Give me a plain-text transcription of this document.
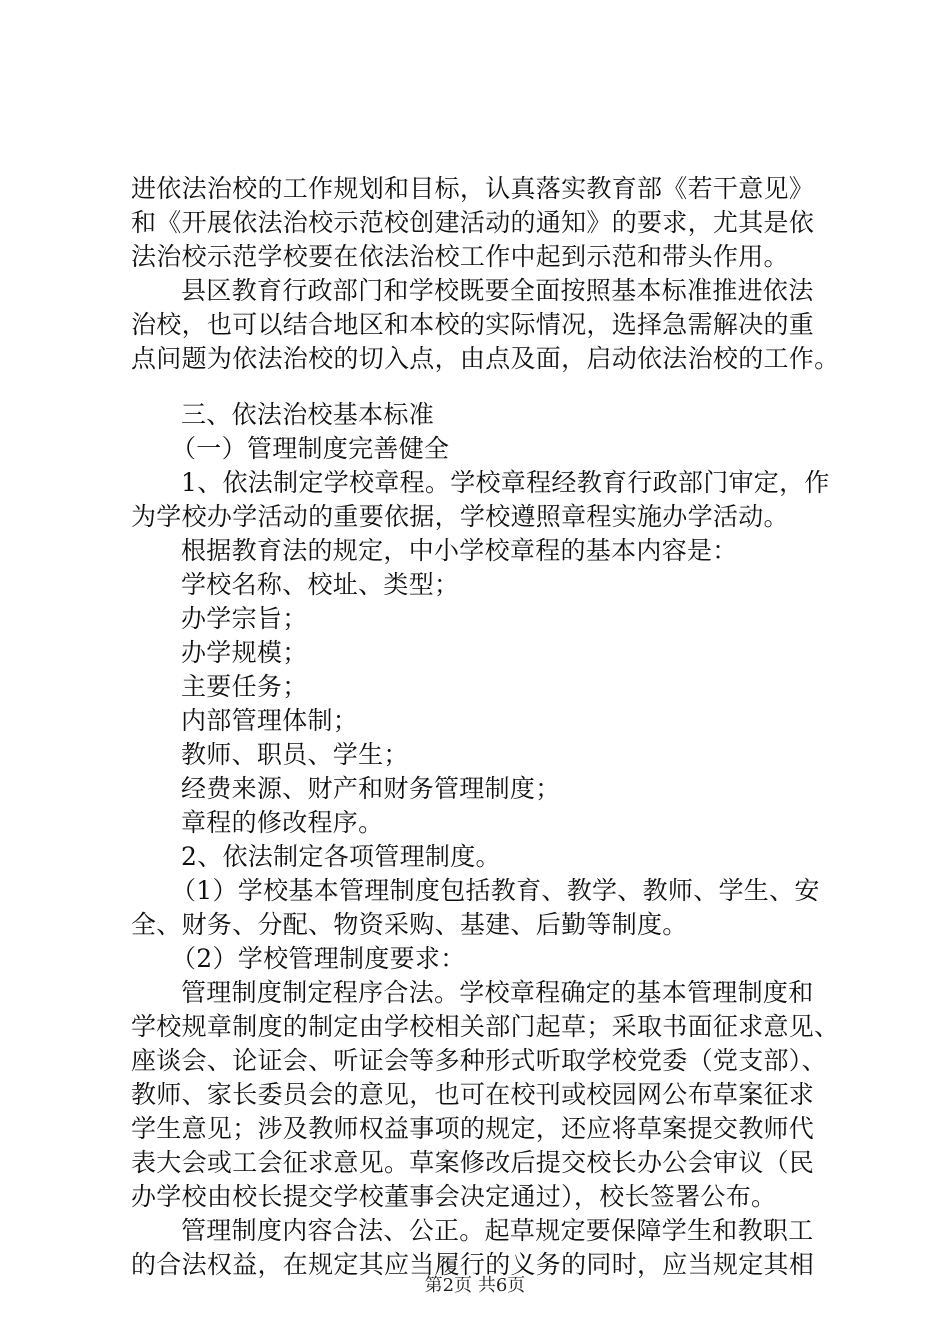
进依法治校的工作规划和目标，认真落实教育部《若干意见》
和《开展依法治校示范校创建活动的通知》的要求，尤其是依
法治校示范学校要在依法治校工作中起到示范和带头作用。
县区教育行政部门和学校既要全面按照基本标准推进依法
治校，也可以结合地区和本校的实际情况，选择急需解决的重
点问题为依法治校的切入点，由点及面，启动依法治校的工作。
三、依法治校基本标准
（一）管理制度完善健全
1、依法制定学校章程。学校章程经教育行政部门审定，作
为学校办学活动的重要依据，学校遵照章程实施办学活动。
根据教育法的规定，中小学校章程的基本内容是：
学校名称、校址、类型；
办学宗旨；
办学规模；
主要任务；
内部管理体制；
教师、职员、学生；
经费来源、财产和财务管理制度；
章程的修改程序。
2、依法制定各项管理制度。
（1）学校基本管理制度包括教育、教学、教师、学生、安
全、财务、分配、物资采购、基建、后勤等制度。
（2）学校管理制度要求：
管理制度制定程序合法。学校章程确定的基本管理制度和
学校规章制度的制定由学校相关部门起草；采取书面征求意见、
座谈会、论证会、听证会等多种形式听取学校党委（党支部）、
教师、家长委员会的意见，也可在校刊或校园网公布草案征求
学生意见；涉及教师权益事项的规定，还应将草案提交教师代
表大会或工会征求意见。草案修改后提交校长办公会审议（民
办学校由校长提交学校董事会决定通过），校长签署公布。
管理制度内容合法、公正。起草规定要保障学生和教职工
的合法权益，在规定其应当履行的义务的同时，应当规定其相
第2页 共6页
